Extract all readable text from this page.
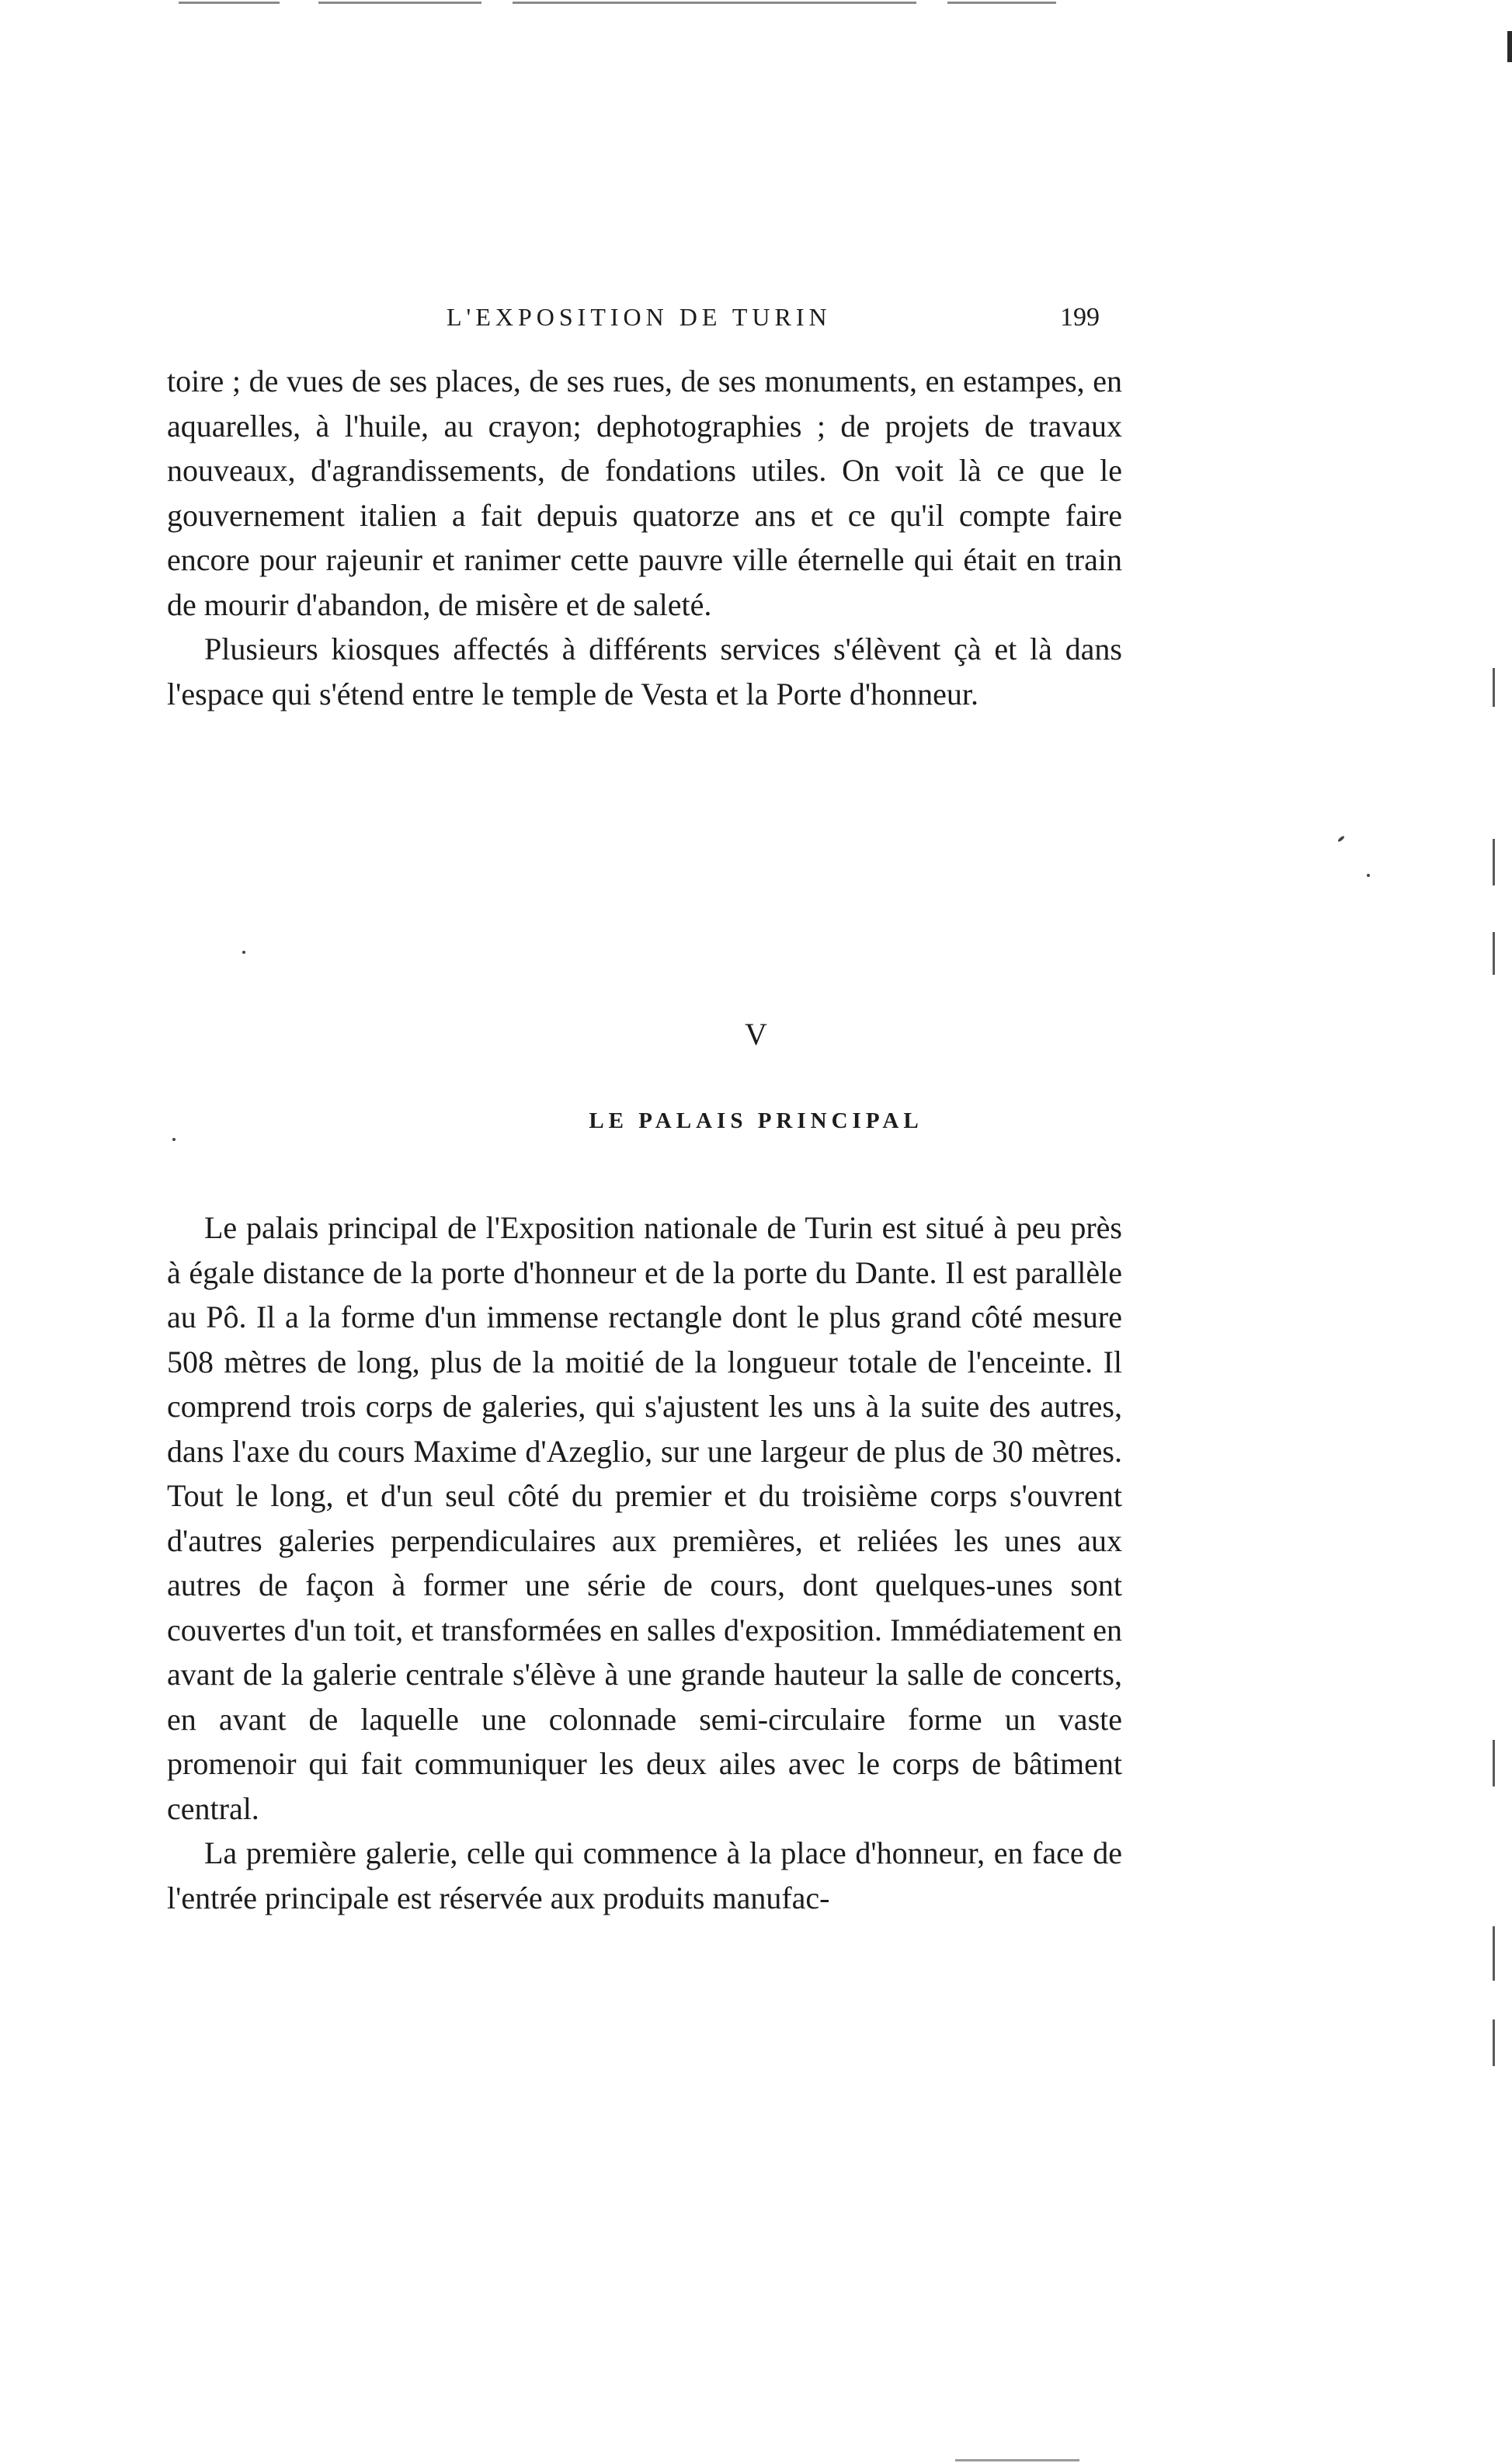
L'EXPOSITION DE TURIN	199

toire ; de vues de ses places, de ses rues, de ses monuments, en estampes, en aquarelles, à l'huile, au crayon; dephotographies ; de projets de travaux nouveaux, d'agrandissements, de fondations utiles. On voit là ce que le gouvernement italien a fait depuis quatorze ans et ce qu'il compte faire encore pour rajeunir et ranimer cette pauvre ville éternelle qui était en train de mourir d'abandon, de misère et de saleté.

Plusieurs kiosques affectés à différents services s'élèvent çà et là dans l'espace qui s'étend entre le temple de Vesta et la Porte d'honneur.

V
LE PALAIS PRINCIPAL

Le palais principal de l'Exposition nationale de Turin est situé à peu près à égale distance de la porte d'honneur et de la porte du Dante. Il est parallèle au Pô. Il a la forme d'un immense rectangle dont le plus grand côté mesure 508 mètres de long, plus de la moitié de la longueur totale de l'enceinte. Il comprend trois corps de galeries, qui s'ajustent les uns à la suite des autres, dans l'axe du cours Maxime d'Azeglio, sur une largeur de plus de 30 mètres. Tout le long, et d'un seul côté du premier et du troisième corps s'ouvrent d'autres galeries perpendiculaires aux premières, et reliées les unes aux autres de façon à former une série de cours, dont quelques-unes sont couvertes d'un toit, et transformées en salles d'exposition. Immédiatement en avant de la galerie centrale s'élève à une grande hauteur la salle de concerts, en avant de laquelle une colonnade semi-circulaire forme un vaste promenoir qui fait communiquer les deux ailes avec le corps de bâtiment central.

La première galerie, celle qui commence à la place d'honneur, en face de l'entrée principale est réservée aux produits manufac-
